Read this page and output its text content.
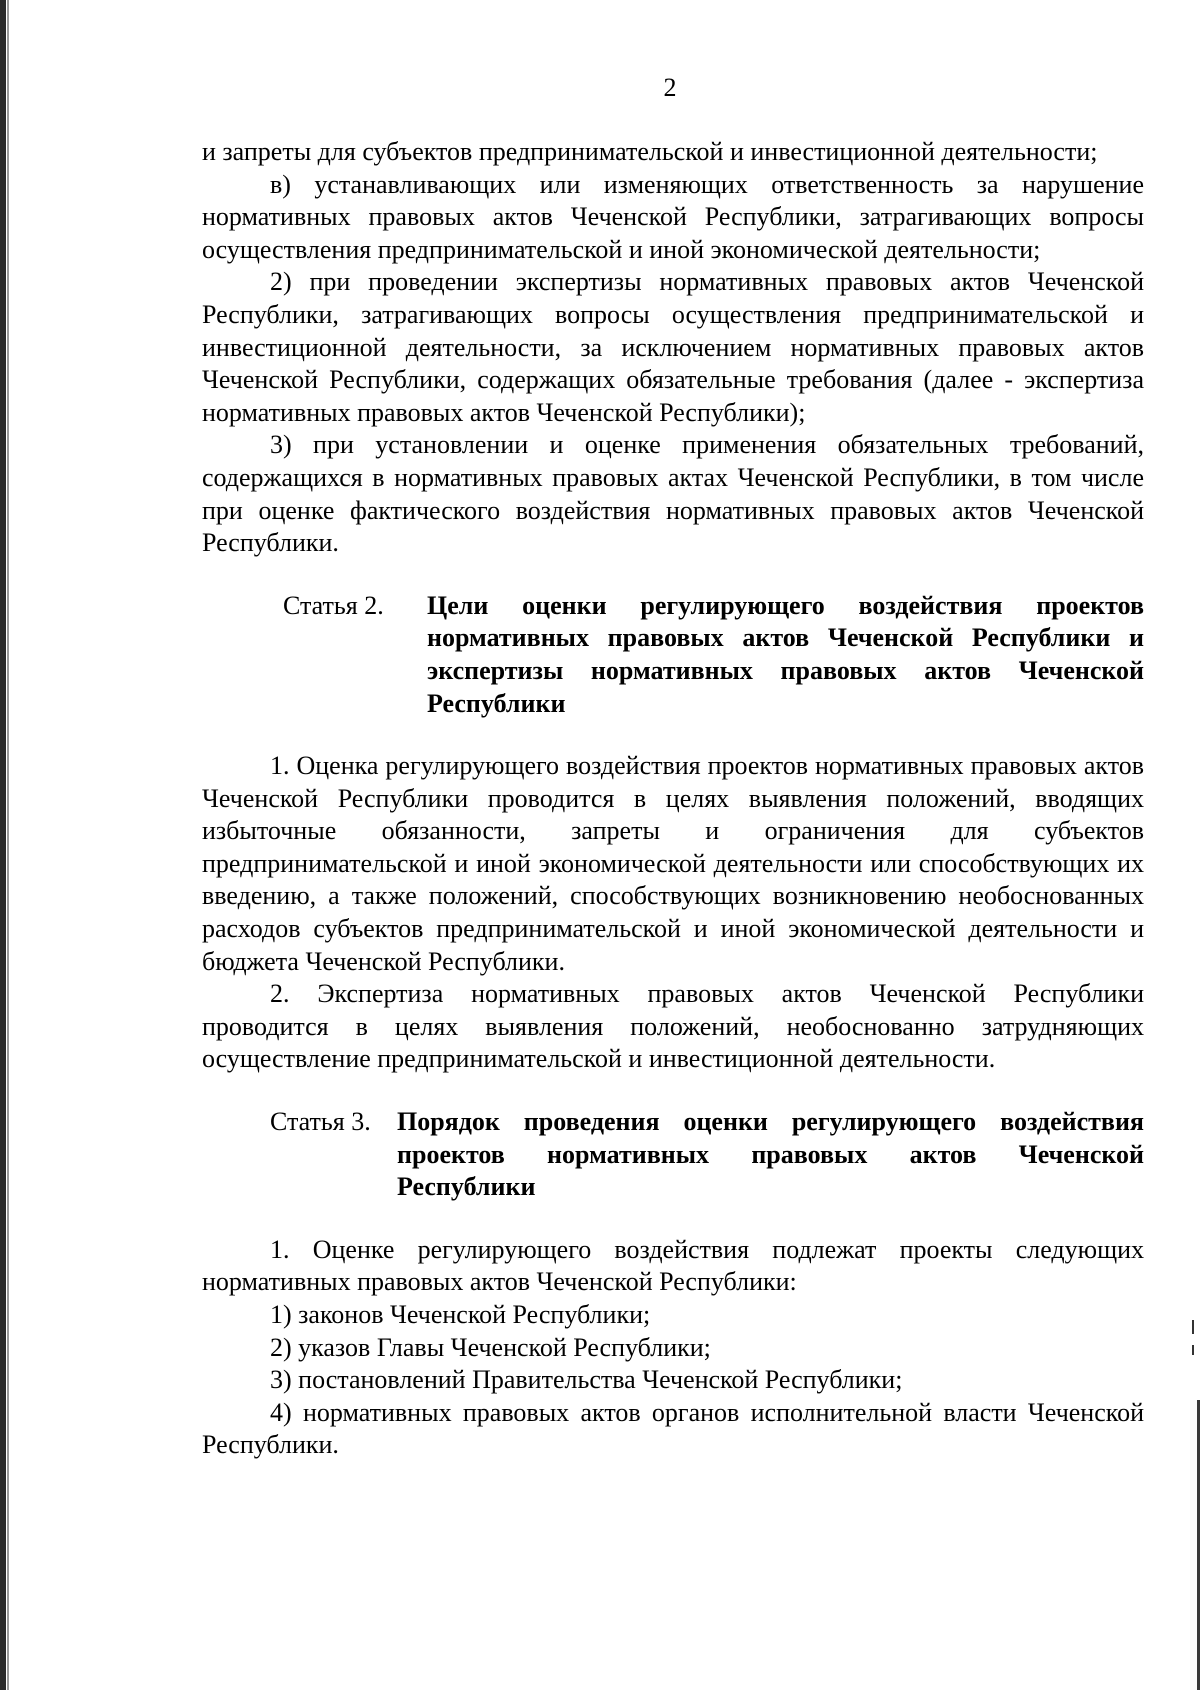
2

и запреты для субъектов предпринимательской и инвестиционной деятельности;

в) устанавливающих или изменяющих ответственность за нарушение нормативных правовых актов Чеченской Республики, затрагивающих вопросы осуществления предпринимательской и иной экономической деятельности;

2) при проведении экспертизы нормативных правовых актов Чеченской Республики, затрагивающих вопросы осуществления предпринимательской и инвестиционной деятельности, за исключением нормативных правовых актов Чеченской Республики, содержащих обязательные требования (далее - экспертиза нормативных правовых актов Чеченской Республики);

3) при установлении и оценке применения обязательных требований, содержащихся в нормативных правовых актах Чеченской Республики, в том числе при оценке фактического воздействия нормативных правовых актов Чеченской Республики.

Статья 2.	Цели оценки регулирующего воздействия проектов нормативных правовых актов Чеченской Республики и экспертизы нормативных правовых актов Чеченской Республики

1. Оценка регулирующего воздействия проектов нормативных правовых актов Чеченской Республики проводится в целях выявления положений, вводящих избыточные обязанности, запреты и ограничения для субъектов предпринимательской и иной экономической деятельности или способствующих их введению, а также положений, способствующих возникновению необоснованных расходов субъектов предпринимательской и иной экономической деятельности и бюджета Чеченской Республики.

2. Экспертиза нормативных правовых актов Чеченской Республики проводится в целях выявления положений, необоснованно затрудняющих осуществление предпринимательской и инвестиционной деятельности.

Статья 3.	Порядок проведения оценки регулирующего воздействия проектов нормативных правовых актов Чеченской Республики

1. Оценке регулирующего воздействия подлежат проекты следующих нормативных правовых актов Чеченской Республики:

1) законов Чеченской Республики;

2) указов Главы Чеченской Республики;

3) постановлений Правительства Чеченской Республики;

4) нормативных правовых актов органов исполнительной власти Чеченской Республики.
